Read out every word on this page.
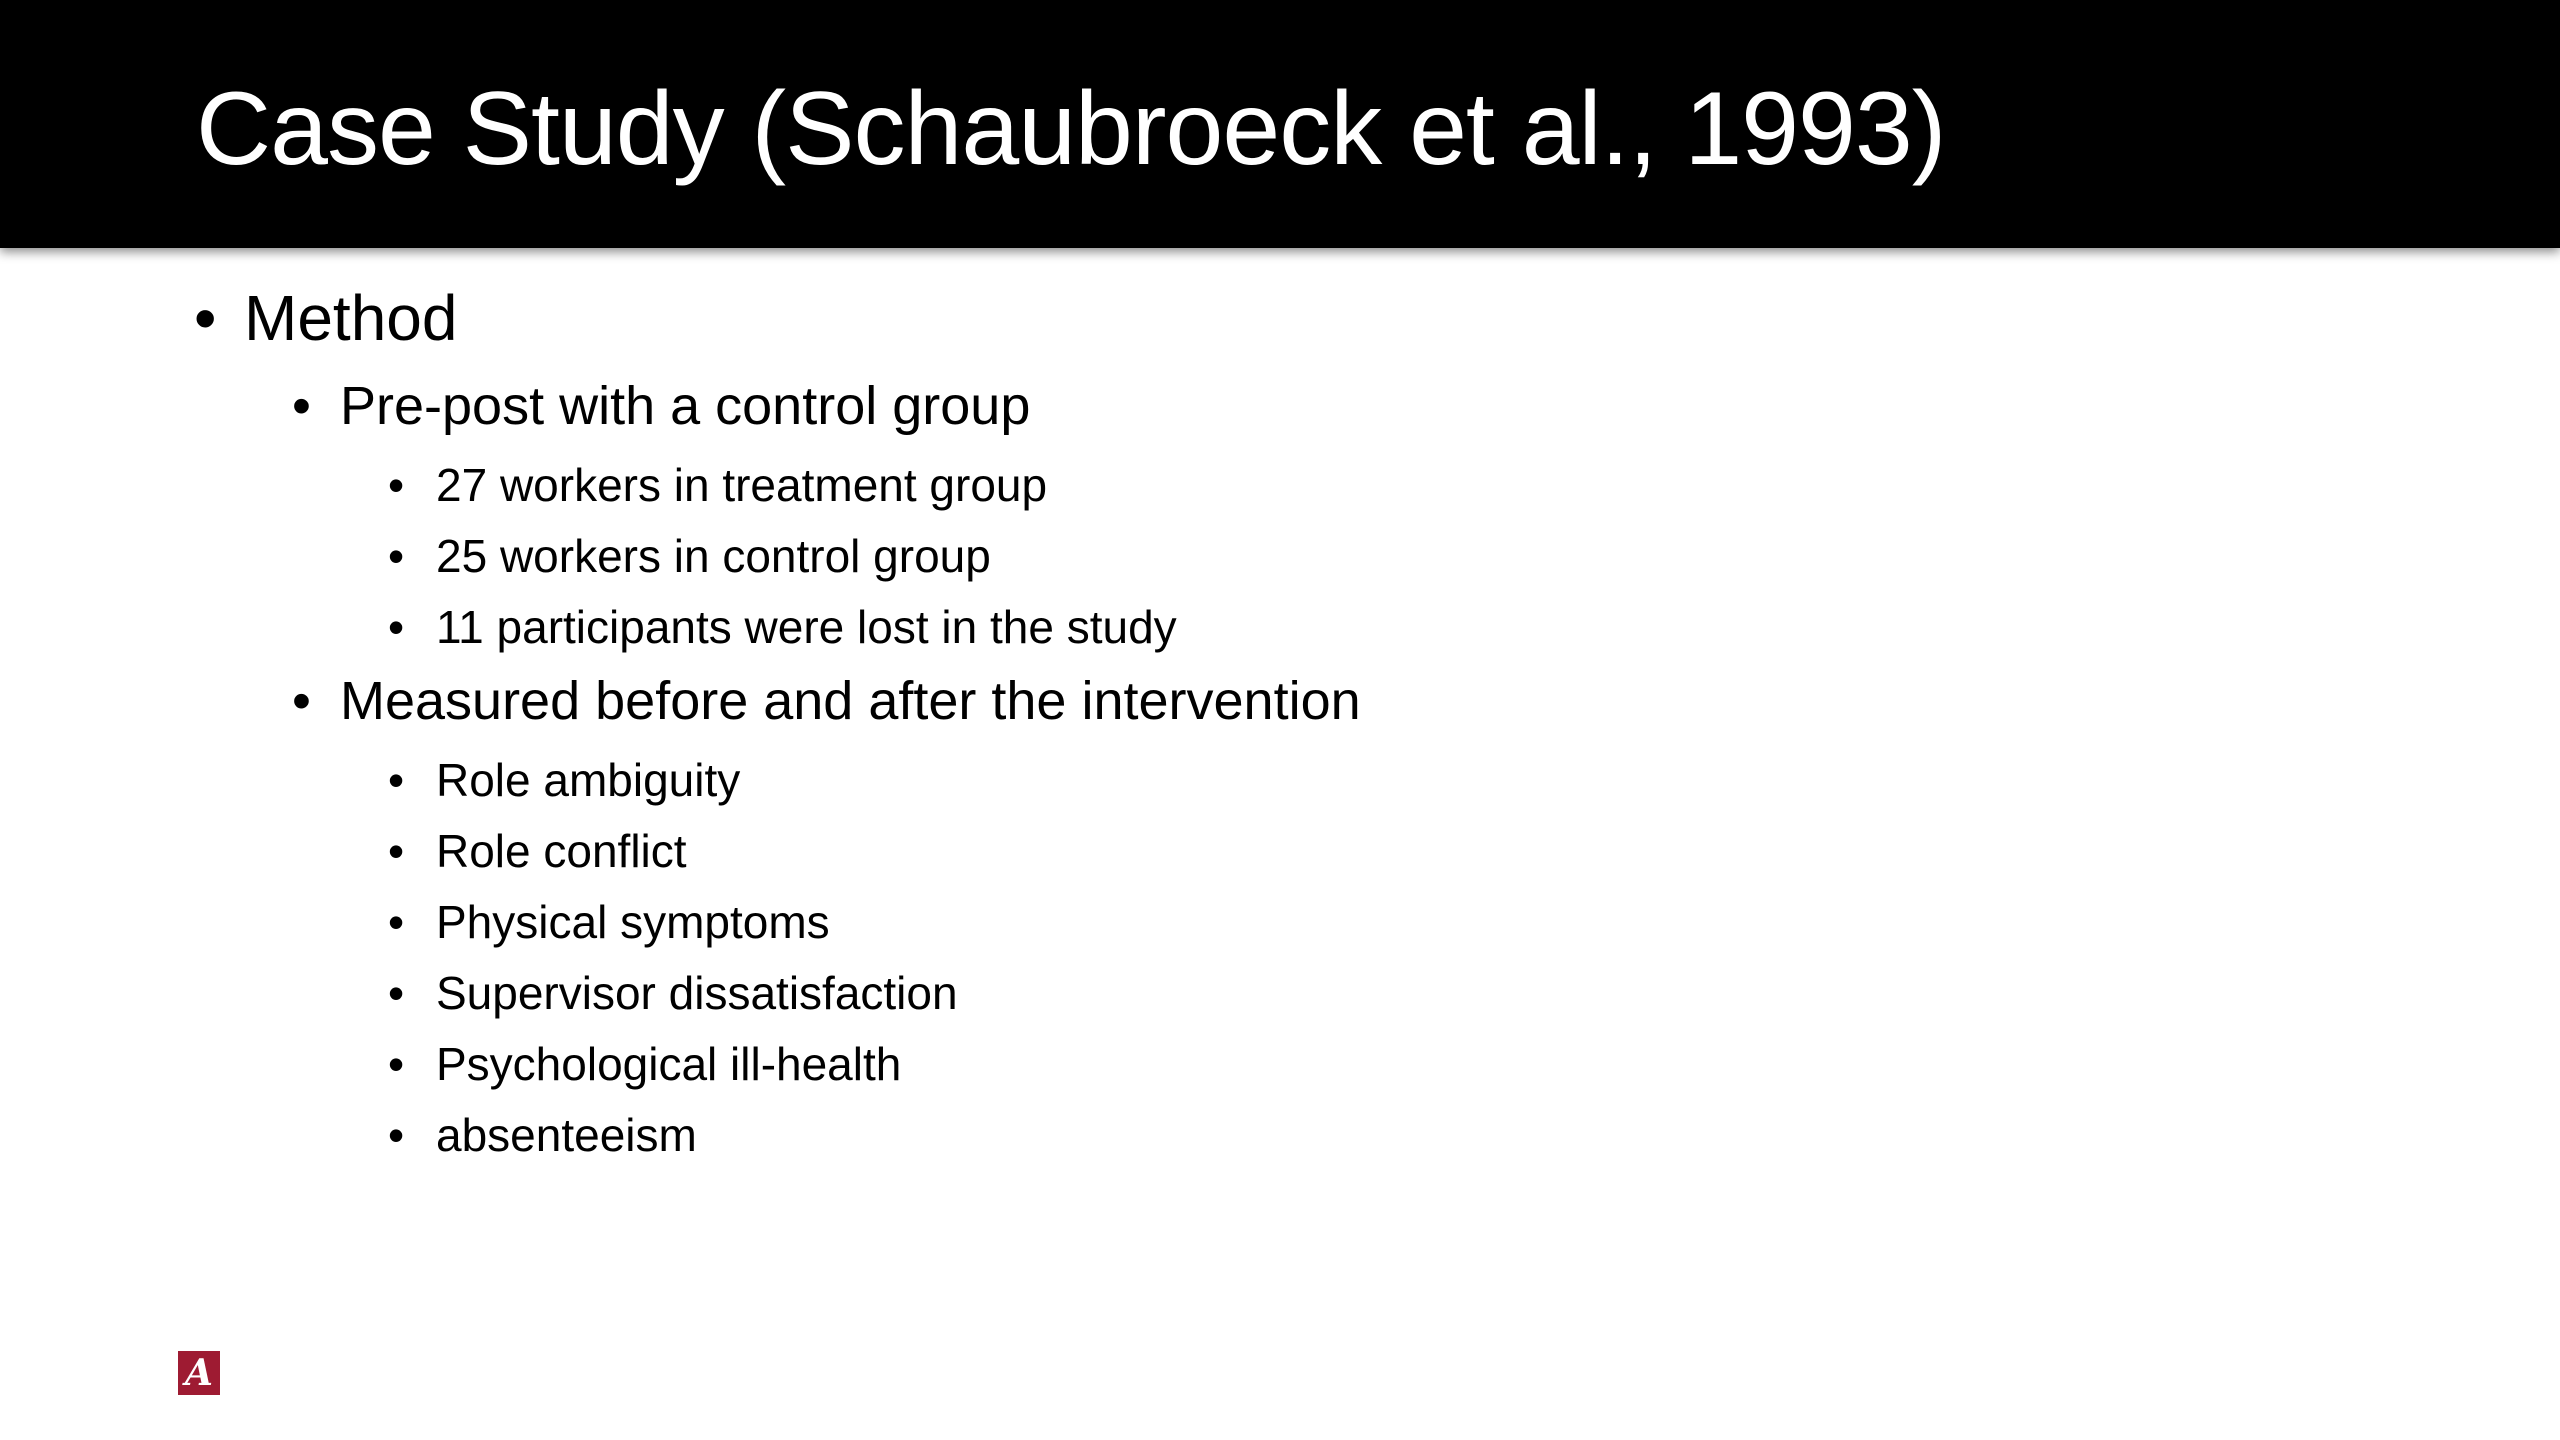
Case Study (Schaubroeck et al., 1993)
• Method
• Pre-post with a control group
• 27 workers in treatment group
• 25 workers in control group
• 11 participants were lost in the study
• Measured before and after the intervention
• Role ambiguity
• Role conflict
• Physical symptoms
• Supervisor dissatisfaction
• Psychological ill-health
• absenteeism
A
